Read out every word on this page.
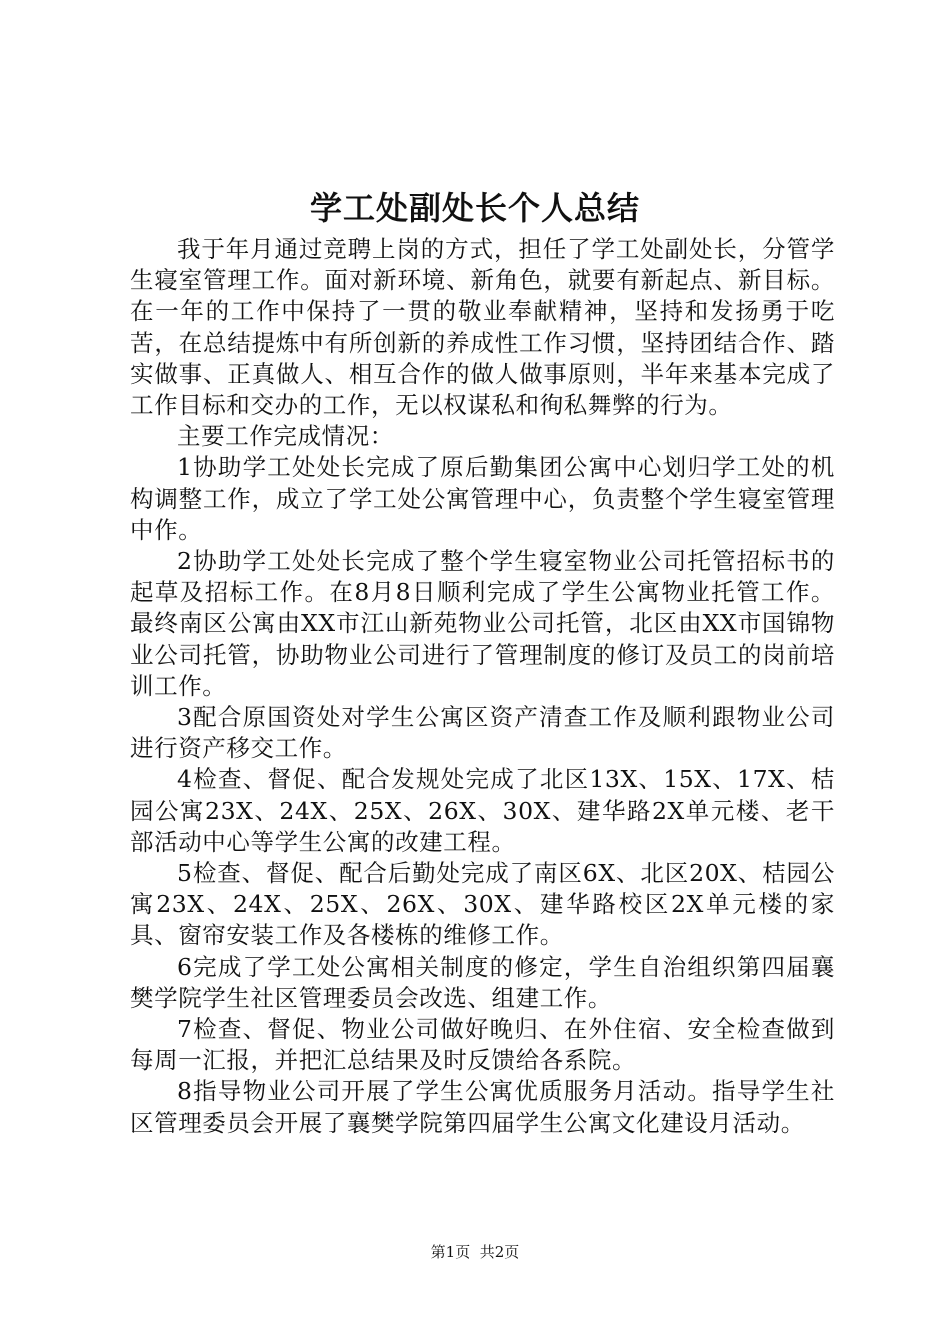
学工处副处长个人总结

我于年月通过竞聘上岗的方式，担任了学工处副处长，分管学生寝室管理工作。面对新环境、新角色，就要有新起点、新目标。在一年的工作中保持了一贯的敬业奉献精神，坚持和发扬勇于吃苦，在总结提炼中有所创新的养成性工作习惯，坚持团结合作、踏实做事、正真做人、相互合作的做人做事原则，半年来基本完成了工作目标和交办的工作，无以权谋私和徇私舞弊的行为。

主要工作完成情况：

1协助学工处处长完成了原后勤集团公寓中心划归学工处的机构调整工作，成立了学工处公寓管理中心，负责整个学生寝室管理中作。

2协助学工处处长完成了整个学生寝室物业公司托管招标书的起草及招标工作。在8月8日顺利完成了学生公寓物业托管工作。最终南区公寓由XX市江山新苑物业公司托管，北区由XX市国锦物业公司托管，协助物业公司进行了管理制度的修订及员工的岗前培训工作。

3配合原国资处对学生公寓区资产清查工作及顺利跟物业公司进行资产移交工作。

4检查、督促、配合发规处完成了北区13X、15X、17X、桔园公寓23X、24X、25X、26X、30X、建华路2X单元楼、老干部活动中心等学生公寓的改建工程。

5检查、督促、配合后勤处完成了南区6X、北区20X、桔园公寓23X、24X、25X、26X、30X、建华路校区2X单元楼的家具、窗帘安装工作及各楼栋的维修工作。

6完成了学工处公寓相关制度的修定，学生自治组织第四届襄樊学院学生社区管理委员会改选、组建工作。

7检查、督促、物业公司做好晚归、在外住宿、安全检查做到每周一汇报，并把汇总结果及时反馈给各系院。

8指导物业公司开展了学生公寓优质服务月活动。指导学生社区管理委员会开展了襄樊学院第四届学生公寓文化建设月活动。

第1页 共2页
